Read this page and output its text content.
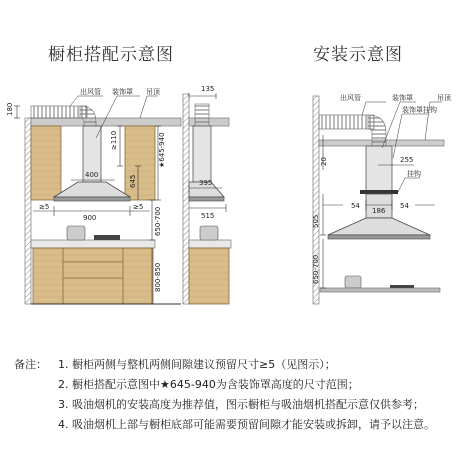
橱柜搭配示意图	安装示意图
出风管 装饰罩 吊顶
180
≥110
400	645
★645-940
≥5
900
≥5 650-700
800-850
135
395
515
出风管	装饰罩
装饰罩挂钩
吊顶
挂钩
20	255
54
186
54
505
650-700
备注：	1. 橱柜两侧与整机两侧间隙建议预留尺寸≥5（见图示）；
2. 橱柜搭配示意图中★645-940为含装饰罩高度的尺寸范围；
3. 吸油烟机的安装高度为推荐值，图示橱柜与吸油烟机搭配示意仅供参考；
4. 吸油烟机上部与橱柜底部可能需要预留间隙才能安装或拆卸，请予以注意。
